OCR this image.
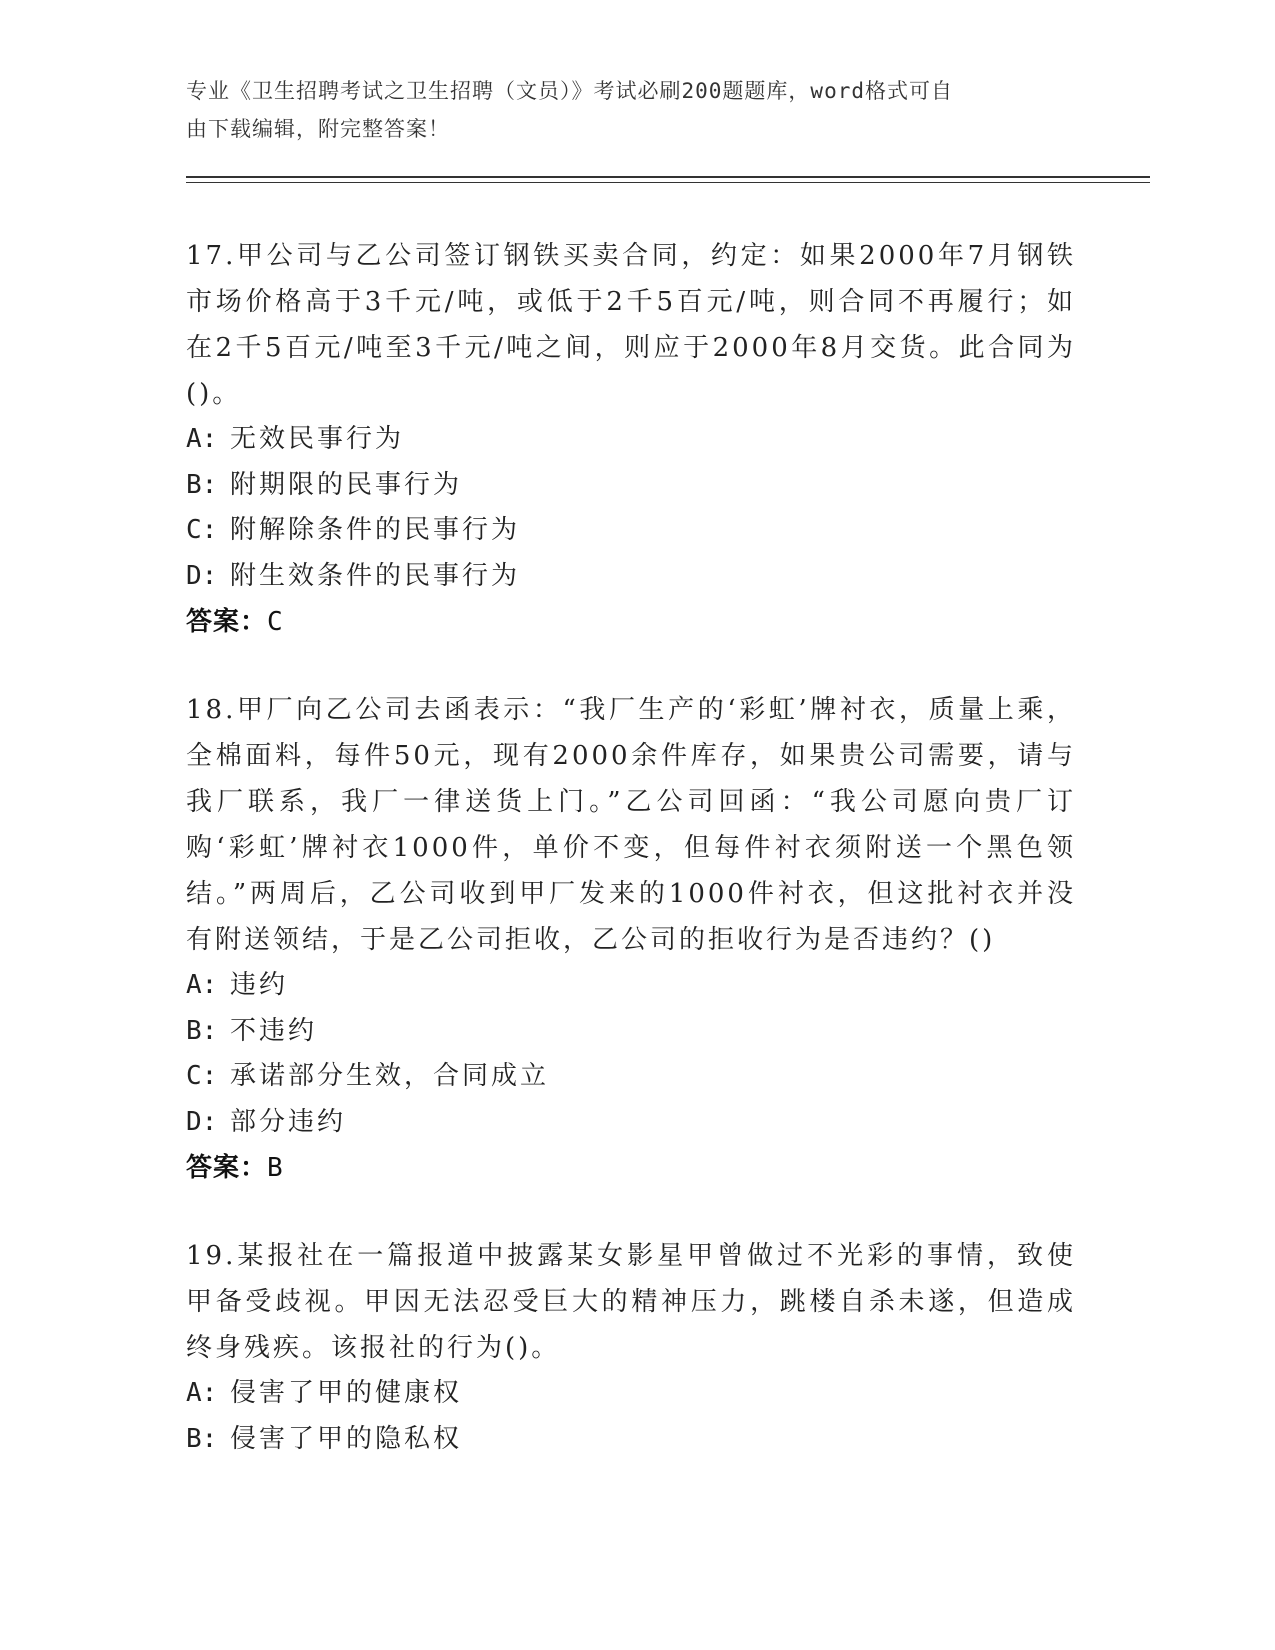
专业《卫生招聘考试之卫生招聘（文员）》考试必刷200题题库，word格式可自
由下载编辑，附完整答案！
17.甲公司与乙公司签订钢铁买卖合同，约定：如果2000年7月钢铁市场价格高于3千元/吨，或低于2千5百元/吨，则合同不再履行；如在2千5百元/吨至3千元/吨之间，则应于2000年8月交货。此合同为()。
A: 无效民事行为
B: 附期限的民事行为
C: 附解除条件的民事行为
D: 附生效条件的民事行为
答案：C
18.甲厂向乙公司去函表示：“我厂生产的‘彩虹’牌衬衣，质量上乘，全棉面料，每件50元，现有2000余件库存，如果贵公司需要，请与我厂联系，我厂一律送货上门。”乙公司回函：“我公司愿向贵厂订购‘彩虹’牌衬衣1000件，单价不变，但每件衬衣须附送一个黑色领结。”两周后，乙公司收到甲厂发来的1000件衬衣，但这批衬衣并没有附送领结，于是乙公司拒收，乙公司的拒收行为是否违约？()
A: 违约
B: 不违约
C: 承诺部分生效，合同成立
D: 部分违约
答案：B
19.某报社在一篇报道中披露某女影星甲曾做过不光彩的事情，致使甲备受歧视。甲因无法忍受巨大的精神压力，跳楼自杀未遂，但造成终身残疾。该报社的行为()。
A: 侵害了甲的健康权
B: 侵害了甲的隐私权
